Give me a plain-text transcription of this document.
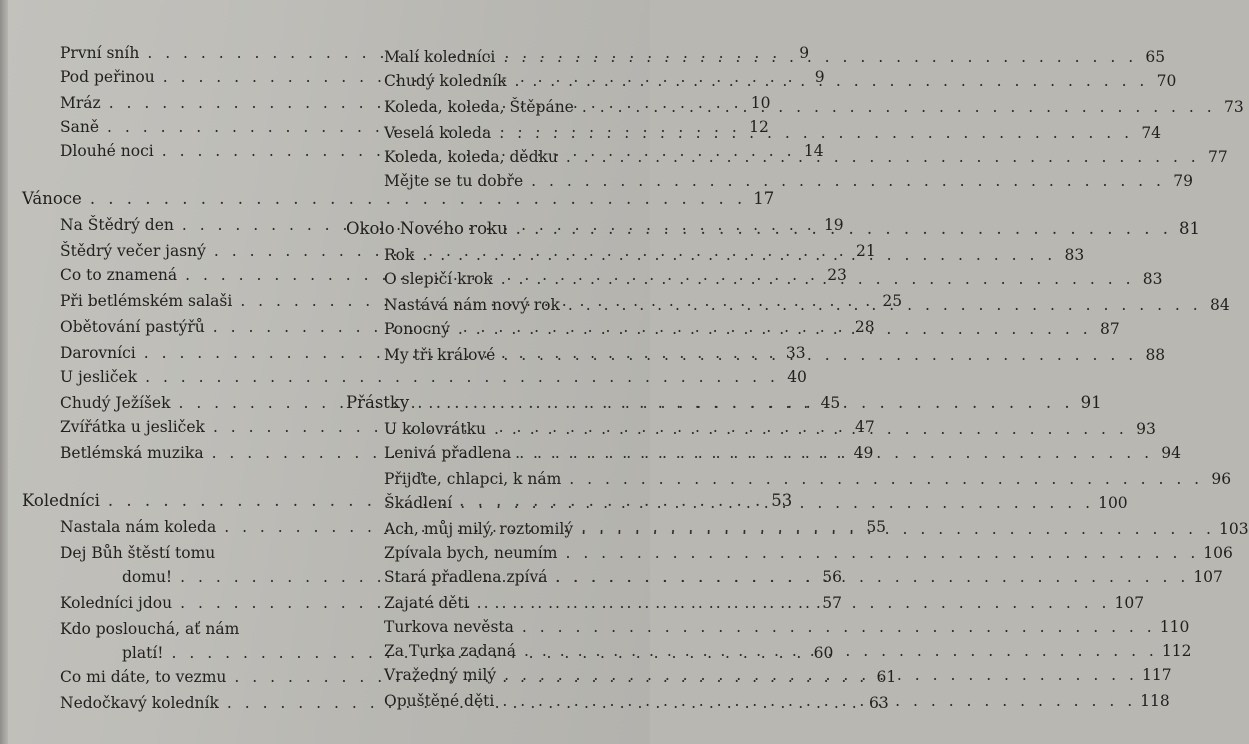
První sníh . . .	9
Pod peřinou . . .	9
Mráz . . .	10
Saně . . .	12
Dlouhé noci . . .	14
Vánoce . . .	17
Na Štědrý den . . .	19
Štědrý večer jasný . . .	21
Co to znamená . . .	23
Při betlémském salaši . . .	25
Obětování pastýřů . . .	28
Darovníci . . .	33
U jesliček . . .	40
Chudý Ježíšek . . .	45
Zvířátka u jesliček . . .	47
Betlémská muzika . . .	49
Koledníci . . .	53
Nastala nám koleda . . .	55
Dej Bůh štěstí tomu
domu! . . .	56
Koledníci jdou . . .	57
Kdo poslouchá, ať nám
platí! . . .	60
Co mi dáte, to vezmu . . .	61
Nedočkavý koledník . . .	63
Malí koledníci . . .	65
Chudý koledník . . .	70
Koleda, koleda, Štěpáne . . .	73
Veselá koleda . . .	74
Koleda, koleda, dědku . . .	77
Mějte se tu dobře . . .	79
Okolo Nového roku . . .	81
Rok . . .	83
O slepičí krok . . .	83
Nastává nám nový rok . . .	84
Ponocný . . .	87
My tři králové . . .	88
Přástky . . .	91
U kolovrátku . . .	93
Lenivá přadlena . . .	94
Přijďte, chlapci, k nám . . .	96
Škádlení . . .	100
Ach, můj milý, roztomilý . . .	103
Zpívala bych, neumím . . .	106
Stará přadlena zpívá . . .	107
Zajaté děti . . .	107
Turkova nevěsta . . .	110
Za Turka zadaná . . .	112
Vražedný milý . . .	117
Opuštěné děti . . .	118
